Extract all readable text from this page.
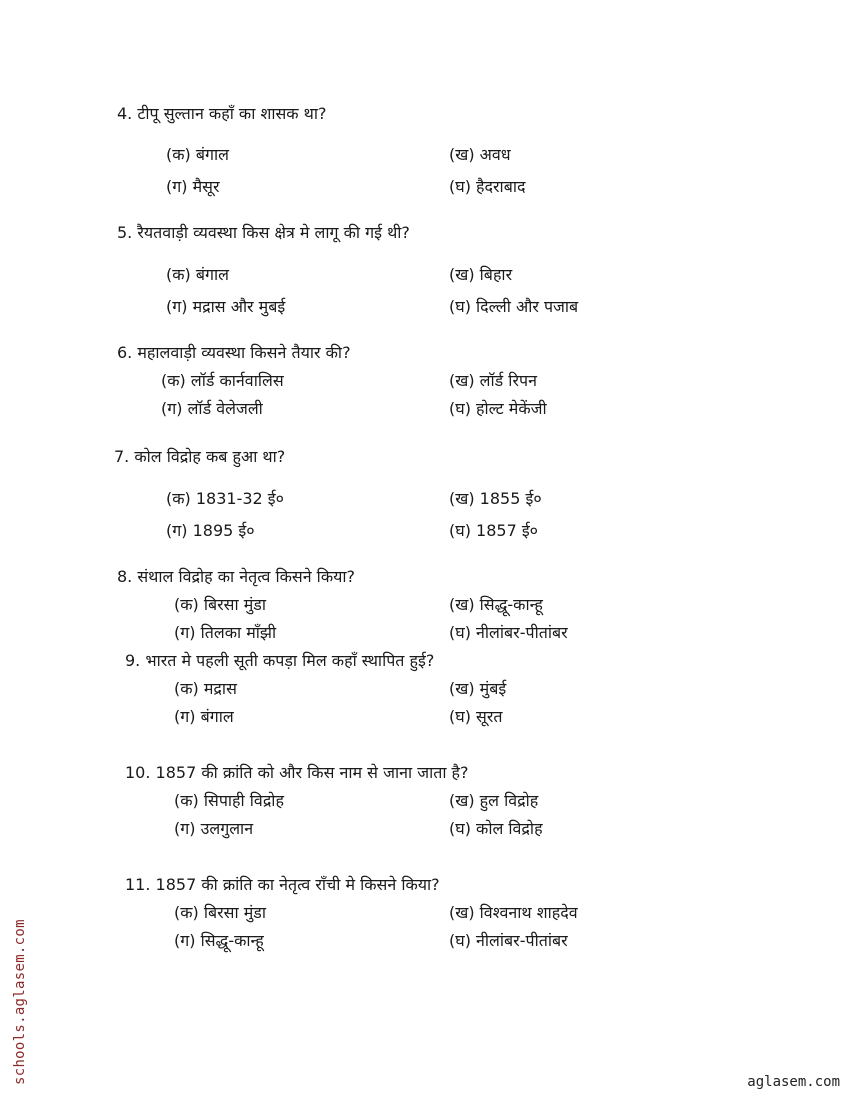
4. टीपू सुल्तान कहाँ का शासक था?
(क) बंगाल	(ख) अवध
(ग) मैसूर	(घ) हैदराबाद
5. रैयतवाड़ी व्यवस्था किस क्षेत्र मे लागू की गई थी?
(क) बंगाल	(ख) बिहार
(ग) मद्रास और मुबई	(घ) दिल्ली और पजाब
6. महालवाड़ी व्यवस्था किसने तैयार की?
(क) लॉर्ड कार्नवालिस	(ख) लॉर्ड रिपन
(ग) लॉर्ड वेलेजली	(घ) होल्ट मेकेंजी
7. कोल विद्रोह कब हुआ था?
(क) 1831-32 ई०	(ख) 1855 ई०
(ग) 1895 ई०	(घ) 1857 ई०
8. संथाल विद्रोह का नेतृत्व किसने किया?
(क) बिरसा मुंडा	(ख) सिद्धू-कान्हू
(ग) तिलका माँझी	(घ) नीलांबर-पीतांबर
9. भारत मे पहली सूती कपड़ा मिल कहाँ स्थापित हुई?
(क) मद्रास	(ख) मुंबई
(ग) बंगाल	(घ) सूरत
10. 1857 की क्रांति को और किस नाम से जाना जाता है?
(क) सिपाही विद्रोह	(ख) हुल विद्रोह
(ग) उलगुलान	(घ) कोल विद्रोह
11. 1857 की क्रांति का नेतृत्व राँची मे किसने किया?
(क) बिरसा मुंडा	(ख) विश्वनाथ शाहदेव
(ग) सिद्धू-कान्हू	(घ) नीलांबर-पीतांबर
schools.aglasem.com	aglasem.com
